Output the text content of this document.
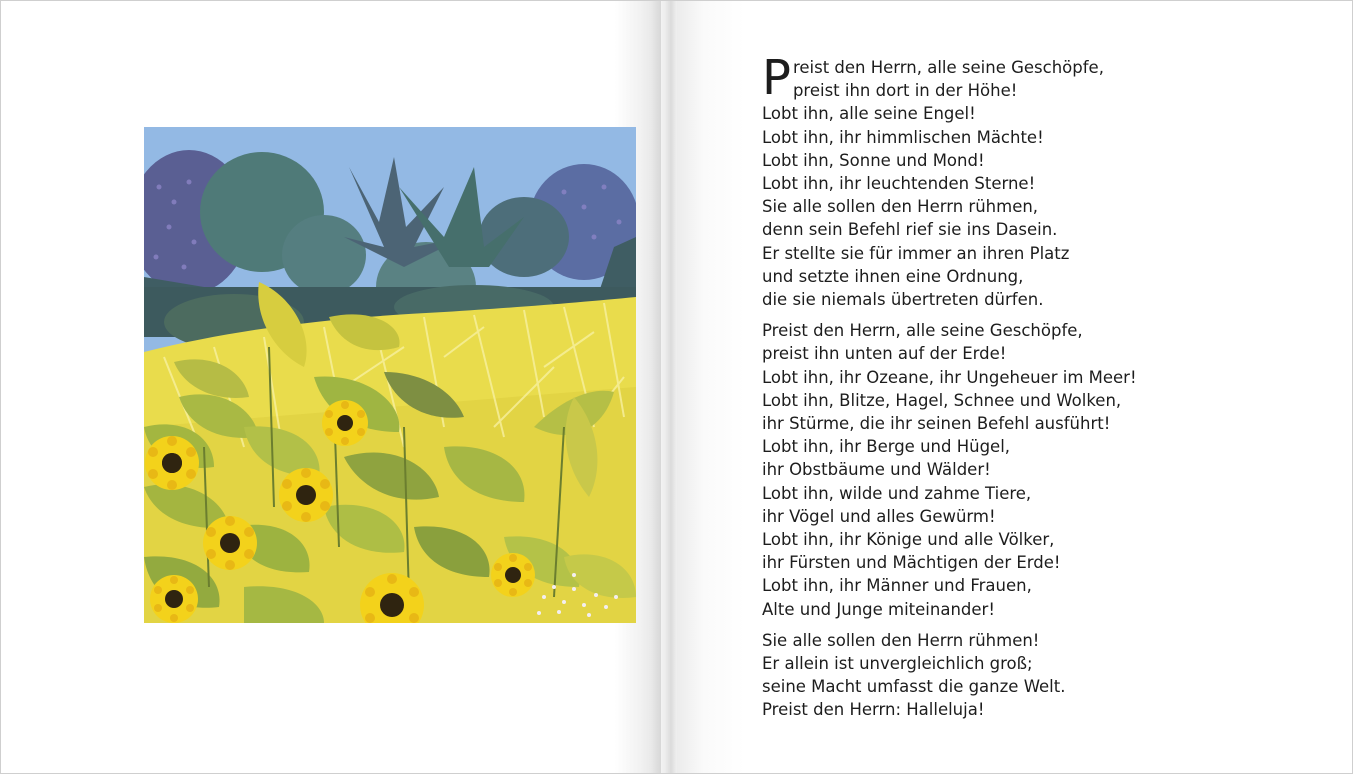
P reist den Herrn, alle seine Geschöpfe,
preist ihn dort in der Höhe!
Lobt ihn, alle seine Engel!
Lobt ihn, ihr himmlischen Mächte!
Lobt ihn, Sonne und Mond!
Lobt ihn, ihr leuchtenden Sterne!
Sie alle sollen den Herrn rühmen,
denn sein Befehl rief sie ins Dasein.
Er stellte sie für immer an ihren Platz
und setzte ihnen eine Ordnung,
die sie niemals übertreten dürfen.
Preist den Herrn, alle seine Geschöpfe,
preist ihn unten auf der Erde!
Lobt ihn, ihr Ozeane, ihr Ungeheuer im Meer!
Lobt ihn, Blitze, Hagel, Schnee und Wolken,
ihr Stürme, die ihr seinen Befehl ausführt!
Lobt ihn, ihr Berge und Hügel,
ihr Obstbäume und Wälder!
Lobt ihn, wilde und zahme Tiere,
ihr Vögel und alles Gewürm!
Lobt ihn, ihr Könige und alle Völker,
ihr Fürsten und Mächtigen der Erde!
Lobt ihn, ihr Männer und Frauen,
Alte und Junge miteinander!
Sie alle sollen den Herrn rühmen!
Er allein ist unvergleichlich groß;
seine Macht umfasst die ganze Welt.
Preist den Herrn: Halleluja!
